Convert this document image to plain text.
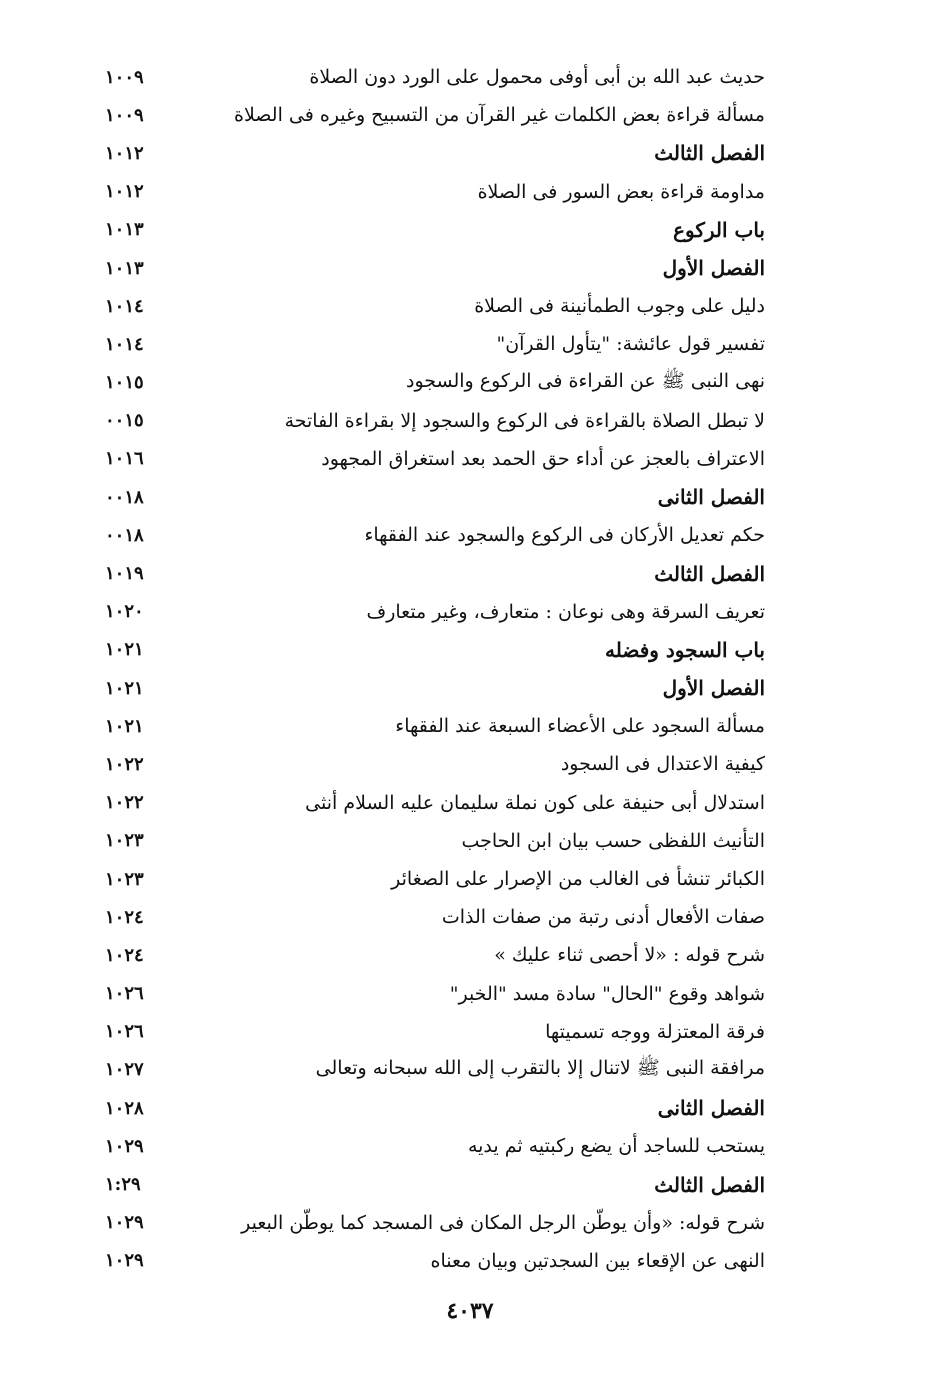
حديث عبد الله بن أبى أوفى محمول على الورد دون الصلاة
١٠٠٩
مسألة قراءة بعض الكلمات غير القرآن من التسبيح وغيره فى الصلاة
١٠٠٩
الفصل الثالث
١٠١٢
مداومة قراءة بعض السور فى الصلاة
١٠١٢
باب الركوع
١٠١٣
الفصل الأول
١٠١٣
دليل على وجوب الطمأنينة فى الصلاة
١٠١٤
تفسير قول عائشة: "يتأول القرآن"
١٠١٤
نهى النبى ﷺ عن القراءة فى الركوع والسجود
١٠١٥
لا تبطل الصلاة بالقراءة فى الركوع والسجود إلا بقراءة الفاتحة
٠٠١٥
الاعتراف بالعجز عن أداء حق الحمد بعد استغراق المجهود
١٠١٦
الفصل الثانى
٠٠١٨
حكم تعديل الأركان فى الركوع والسجود عند الفقهاء
٠٠١٨
الفصل الثالث
١٠١٩
تعريف السرقة وهى نوعان : متعارف، وغير متعارف
١٠٢٠
باب السجود وفضله
١٠٢١
الفصل الأول
١٠٢١
مسألة السجود على الأعضاء السبعة عند الفقهاء
١٠٢١
كيفية الاعتدال فى السجود
١٠٢٢
استدلال أبى حنيفة على كون نملة سليمان عليه السلام أنثى
١٠٢٢
التأنيث اللفظى حسب بيان ابن الحاجب
١٠٢٣
الكبائر تنشأ فى الغالب من الإصرار على الصغائر
١٠٢٣
صفات الأفعال أدنى رتبة من صفات الذات
١٠٢٤
شرح قوله : «لا أحصى ثناء عليك »
١٠٢٤
شواهد وقوع "الحال" سادة مسد "الخبر"
١٠٢٦
فرقة المعتزلة ووجه تسميتها
١٠٢٦
مرافقة النبى ﷺ لاتنال إلا بالتقرب إلى الله سبحانه وتعالى
١٠٢٧
الفصل الثانى
١٠٢٨
يستحب للساجد أن يضع ركبتيه ثم يديه
١٠٢٩
الفصل الثالث
١:٢٩
شرح قوله: «وأن يوطّن الرجل المكان فى المسجد كما يوطّن البعير
١٠٢٩
النهى عن الإقعاء بين السجدتين وبيان معناه
١٠٢٩
٤٠٣٧
